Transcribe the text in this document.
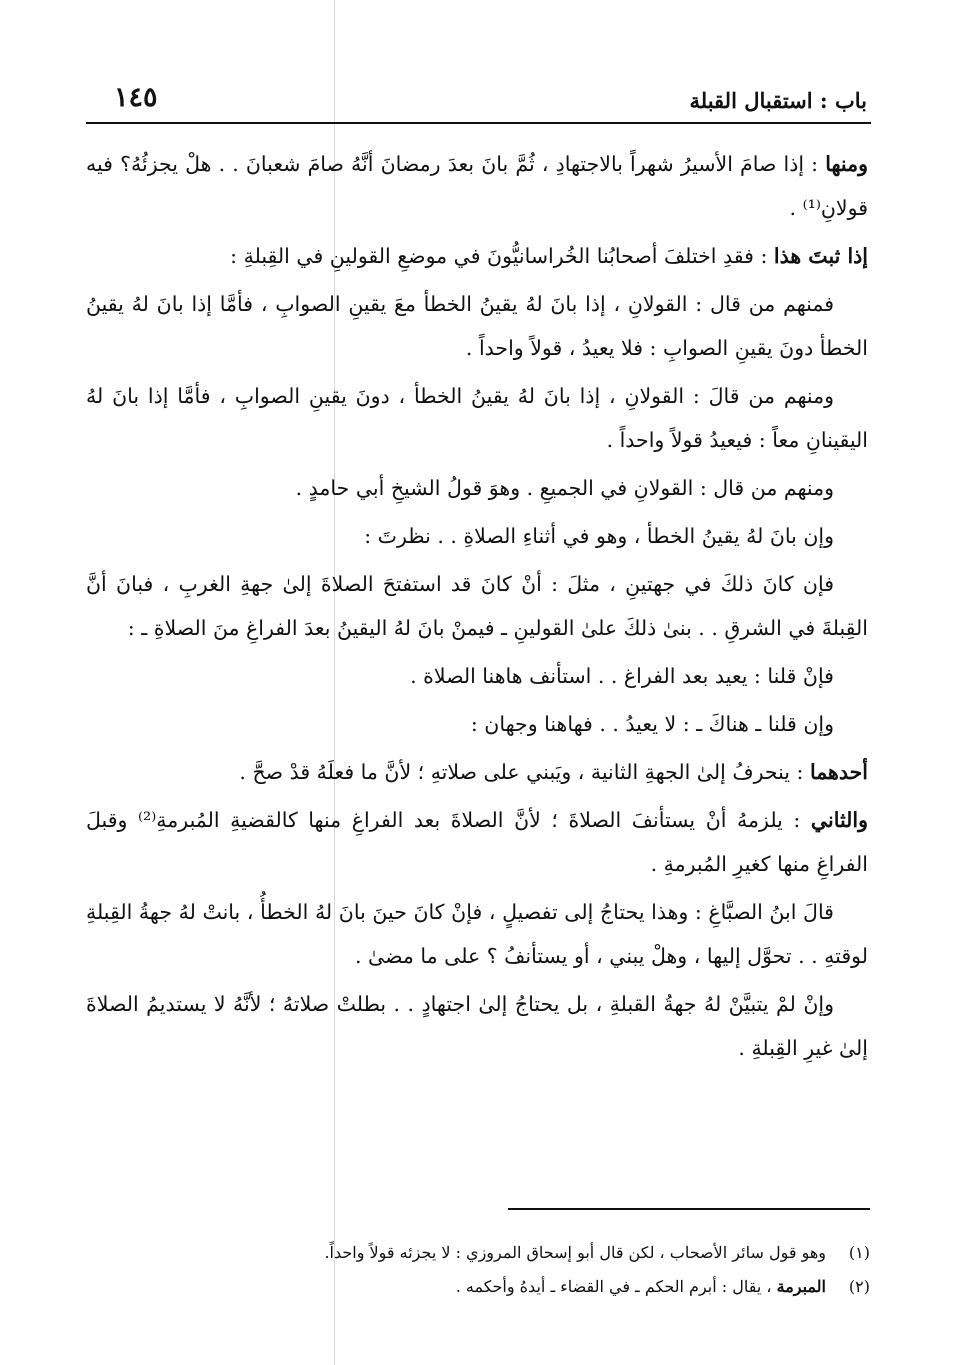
باب : استقبال القبلة
١٤٥

ومنها : إذا صامَ الأسيرُ شهراً بالاجتهادِ ، ثُمَّ بانَ بعدَ رمضانَ أنَّهُ صامَ شعبانَ . . هلْ يجزئُهُ؟ فيه قولانِ⁽¹⁾ .

إذا ثبتَ هذا : فقدِ اختلفَ أصحابُنا الخُراسانيُّونَ في موضعِ القولينِ في القِبلةِ :

فمنهم من قال : القولانِ ، إذا بانَ لهُ يقينُ الخطأ معَ يقينِ الصوابِ ، فأمَّا إذا بانَ لهُ يقينُ الخطأ دونَ يقينِ الصوابِ : فلا يعيدُ ، قولاً واحداً .

ومنهم من قالَ : القولانِ ، إذا بانَ لهُ يقينُ الخطأ ، دونَ يقينِ الصوابِ ، فأمَّا إذا بانَ لهُ اليقينانِ معاً : فيعيدُ قولاً واحداً .

ومنهم من قال : القولانِ في الجميعِ . وهوَ قولُ الشيخِ أبي حامدٍ .

وإن بانَ لهُ يقينُ الخطأ ، وهو في أثناءِ الصلاةِ . . نظرتَ :

فإن كانَ ذلكَ في جهتينِ ، مثلَ : أنْ كانَ قد استفتحَ الصلاةَ إلىٰ جهةِ الغربِ ، فبانَ أنَّ القِبلةَ في الشرقِ . . بنىٰ ذلكَ علىٰ القولينِ ـ فيمنْ بانَ لهُ اليقينُ بعدَ الفراغِ منَ الصلاةِ ـ :

فإنْ قلنا : يعيد بعد الفراغ . . استأنف هاهنا الصلاة .

وإن قلنا ـ هناكَ ـ : لا يعيدُ . . فهاهنا وجهان :

أحدهما : ينحرفُ إلىٰ الجهةِ الثانية ، ويَبني على صلاتهِ ؛ لأنَّ ما فعلَهُ قدْ صحَّ .

والثاني : يلزمهُ أنْ يستأنفَ الصلاةَ ؛ لأنَّ الصلاةَ بعد الفراغِ منها كالقضيةِ المُبرمةِ⁽²⁾ وقبلَ الفراغِ منها كغيرِ المُبرمةِ .

قالَ ابنُ الصبَّاغِ : وهذا يحتاجُ إلى تفصيلٍ ، فإنْ كانَ حينَ بانَ لهُ الخطأُ ، بانتْ لهُ جهةُ القِبلةِ لوقتهِ . . تحوَّل إليها ، وهلْ يبني ، أو يستأنفُ ؟ على ما مضىٰ .

وإنْ لمْ يتبيَّنْ لهُ جهةُ القبلةِ ، بل يحتاجُ إلىٰ اجتهادٍ . . بطلتْ صلاتهُ ؛ لأنَّهُ لا يستديمُ الصلاةَ إلىٰ غيرِ القِبلةِ .

(١)وهو قول سائر الأصحاب ، لكن قال أبو إسحاق المروزي : لا يجزئه قولاً واحداً.

(٢)المبرمة ، يقال : أبرم الحكم ـ في القضاء ـ أيدهُ وأحكمه .
